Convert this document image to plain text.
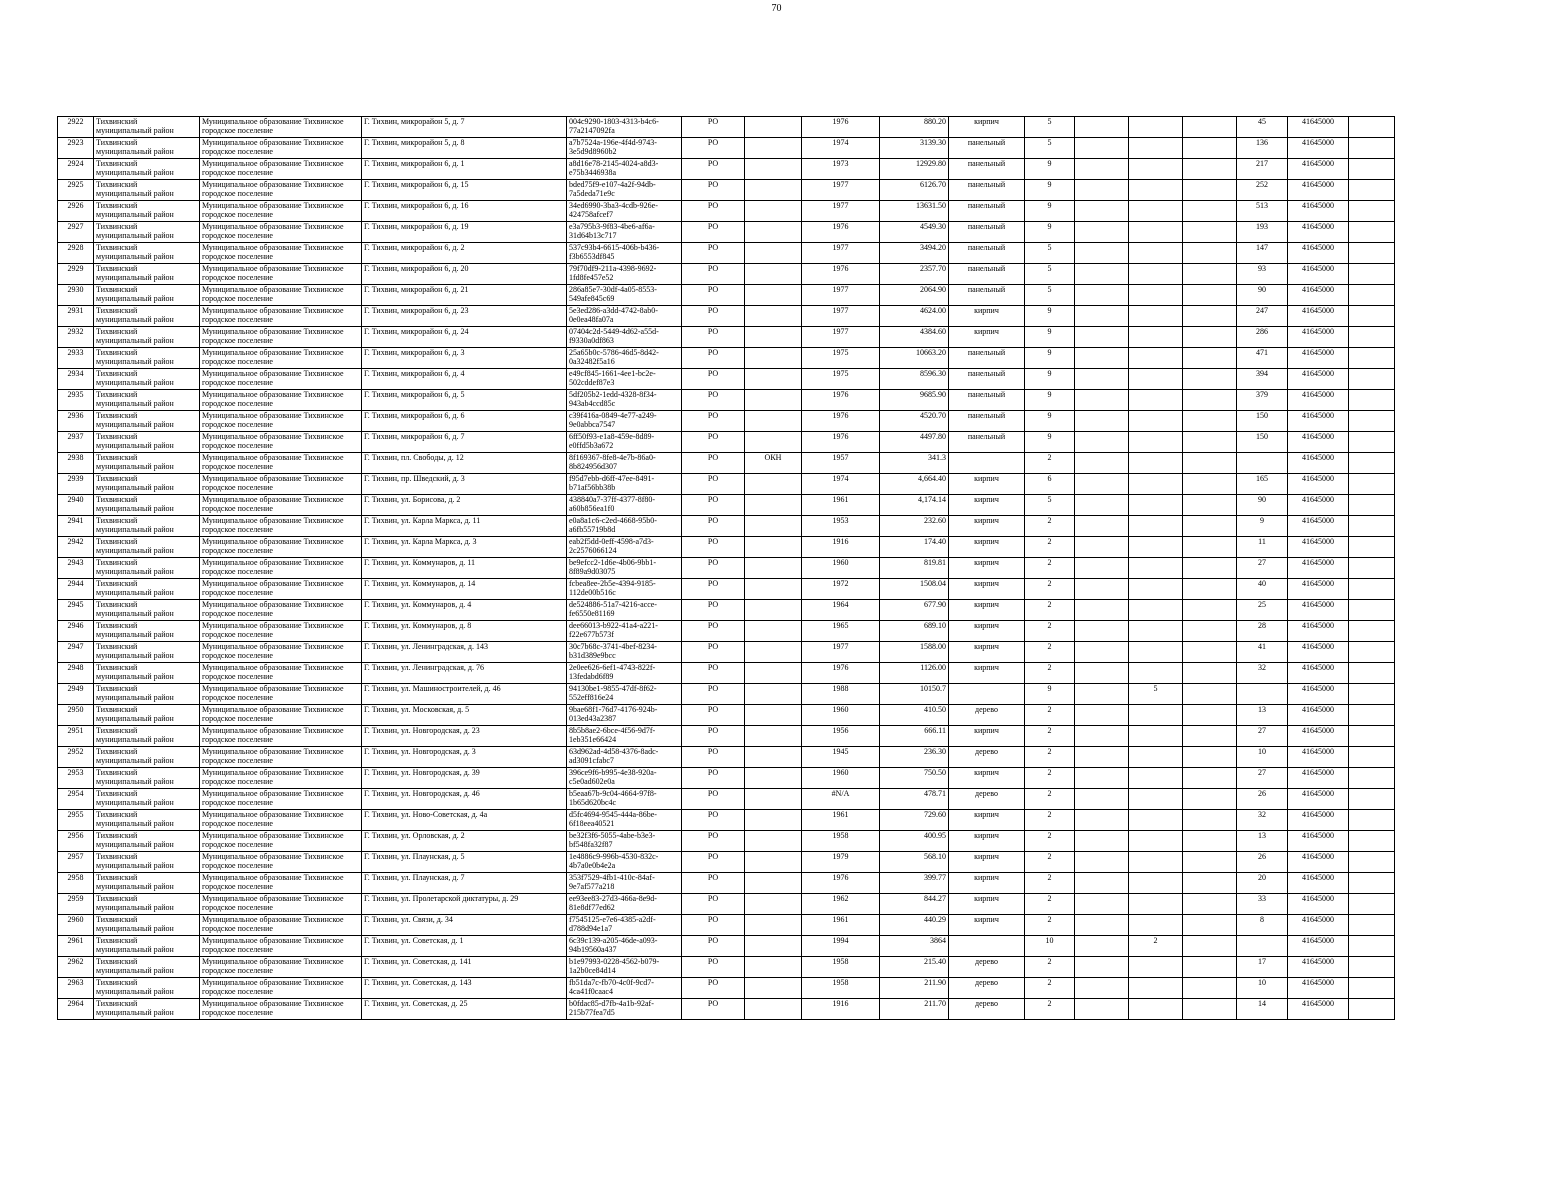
70
2922	Тихвинский
муниципальный район	Муниципальное образование Тихвинское
городское поселение	Г. Тихвин, микрорайон 5, д. 7	004c9290-1803-4313-b4c6-
77a2147092fa	РО		1976	880.20	кирпич	5				45	41645000	
2923	Тихвинский
муниципальный район	Муниципальное образование Тихвинское
городское поселение	Г. Тихвин, микрорайон 5, д. 8	a7b7524a-196e-4f4d-9743-
3e5d9d8960b2	РО		1974	3139.30	панельный	5				136	41645000	
2924	Тихвинский
муниципальный район	Муниципальное образование Тихвинское
городское поселение	Г. Тихвин, микрорайон 6, д. 1	a8d16e78-2145-4024-a8d3-
e75b3446938a	РО		1973	12929.80	панельный	9				217	41645000	
2925	Тихвинский
муниципальный район	Муниципальное образование Тихвинское
городское поселение	Г. Тихвин, микрорайон 6, д. 15	bded75f9-e107-4a2f-94db-
7a5deda71e9c	РО		1977	6126.70	панельный	9				252	41645000	
2926	Тихвинский
муниципальный район	Муниципальное образование Тихвинское
городское поселение	Г. Тихвин, микрорайон 6, д. 16	34ed6990-3ba3-4cdb-926e-
424758afcef7	РО		1977	13631.50	панельный	9				513	41645000	
2927	Тихвинский
муниципальный район	Муниципальное образование Тихвинское
городское поселение	Г. Тихвин, микрорайон 6, д. 19	e3a795b3-9f83-4be6-af6a-
31d64b13c717	РО		1976	4549.30	панельный	9				193	41645000	
2928	Тихвинский
муниципальный район	Муниципальное образование Тихвинское
городское поселение	Г. Тихвин, микрорайон 6, д. 2	537c93b4-6615-406b-b436-
f3b6553df845	РО		1977	3494.20	панельный	5				147	41645000	
2929	Тихвинский
муниципальный район	Муниципальное образование Тихвинское
городское поселение	Г. Тихвин, микрорайон 6, д. 20	79f70df9-211a-4398-9692-
1fd8fe457e52	РО		1976	2357.70	панельный	5				93	41645000	
2930	Тихвинский
муниципальный район	Муниципальное образование Тихвинское
городское поселение	Г. Тихвин, микрорайон 6, д. 21	286a85e7-30df-4a05-8553-
549afe845c69	РО		1977	2064.90	панельный	5				90	41645000	
2931	Тихвинский
муниципальный район	Муниципальное образование Тихвинское
городское поселение	Г. Тихвин, микрорайон 6, д. 23	5e3ed286-a3dd-4742-8ab0-
0e0ea48fa07a	РО		1977	4624.00	кирпич	9				247	41645000	
2932	Тихвинский
муниципальный район	Муниципальное образование Тихвинское
городское поселение	Г. Тихвин, микрорайон 6, д. 24	07404c2d-5449-4d62-a55d-
f9330a0df863	РО		1977	4384.60	кирпич	9				286	41645000	
2933	Тихвинский
муниципальный район	Муниципальное образование Тихвинское
городское поселение	Г. Тихвин, микрорайон 6, д. 3	25a65b0c-5786-46d5-8d42-
0a32482f5a16	РО		1975	10663.20	панельный	9				471	41645000	
2934	Тихвинский
муниципальный район	Муниципальное образование Тихвинское
городское поселение	Г. Тихвин, микрорайон 6, д. 4	e49cf845-1661-4ee1-bc2e-
502cddef87e3	РО		1975	8596.30	панельный	9				394	41645000	
2935	Тихвинский
муниципальный район	Муниципальное образование Тихвинское
городское поселение	Г. Тихвин, микрорайон 6, д. 5	5df205b2-1edd-4328-8f34-
943ab4ccd85c	РО		1976	9685.90	панельный	9				379	41645000	
2936	Тихвинский
муниципальный район	Муниципальное образование Тихвинское
городское поселение	Г. Тихвин, микрорайон 6, д. 6	c39f416a-0849-4e77-a249-
9e0abbca7547	РО		1976	4520.70	панельный	9				150	41645000	
2937	Тихвинский
муниципальный район	Муниципальное образование Тихвинское
городское поселение	Г. Тихвин, микрорайон 6, д. 7	6ff50f93-e1a8-459e-8d89-
e0ffd5b3a672	РО		1976	4497.80	панельный	9				150	41645000	
2938	Тихвинский
муниципальный район	Муниципальное образование Тихвинское
городское поселение	Г. Тихвин, пл. Свободы, д. 12	8f169367-8fe8-4e7b-86a0-
8b824956d307	РО	ОКН	1957	341.3		2					41645000	
2939	Тихвинский
муниципальный район	Муниципальное образование Тихвинское
городское поселение	Г. Тихвин, пр. Шведский, д. 3	f95d7ebb-d6ff-47ee-8491-
b71af56bb38b	РО		1974	4,664.40	кирпич	6				165	41645000	
2940	Тихвинский
муниципальный район	Муниципальное образование Тихвинское
городское поселение	Г. Тихвин, ул. Борисова, д. 2	438840a7-37ff-4377-8f80-
a60b856ea1f0	РО		1961	4,174.14	кирпич	5				90	41645000	
2941	Тихвинский
муниципальный район	Муниципальное образование Тихвинское
городское поселение	Г. Тихвин, ул. Карла Маркса, д. 11	e0a8a1c6-c2ed-4668-95b0-
a6fb55719b8d	РО		1953	232.60	кирпич	2				9	41645000	
2942	Тихвинский
муниципальный район	Муниципальное образование Тихвинское
городское поселение	Г. Тихвин, ул. Карла Маркса, д. 3	eab2f5dd-0eff-4598-a7d3-
2c2576066124	РО		1916	174.40	кирпич	2				11	41645000	
2943	Тихвинский
муниципальный район	Муниципальное образование Тихвинское
городское поселение	Г. Тихвин, ул. Коммунаров, д. 11	be9efcc2-1d6e-4b06-9bb1-
8f89a9d03075	РО		1960	819.81	кирпич	2				27	41645000	
2944	Тихвинский
муниципальный район	Муниципальное образование Тихвинское
городское поселение	Г. Тихвин, ул. Коммунаров, д. 14	fcbea8ee-2b5e-4394-9185-
112de00b516c	РО		1972	1508.04	кирпич	2				40	41645000	
2945	Тихвинский
муниципальный район	Муниципальное образование Тихвинское
городское поселение	Г. Тихвин, ул. Коммунаров, д. 4	de524886-51a7-4216-acce-
fe6550e81169	РО		1964	677.90	кирпич	2				25	41645000	
2946	Тихвинский
муниципальный район	Муниципальное образование Тихвинское
городское поселение	Г. Тихвин, ул. Коммунаров, д. 8	dee66013-b922-41a4-a221-
f22e677b573f	РО		1965	689.10	кирпич	2				28	41645000	
2947	Тихвинский
муниципальный район	Муниципальное образование Тихвинское
городское поселение	Г. Тихвин, ул. Ленинградская, д. 143	30c7b68c-3741-4bef-8234-
b31d389e9bcc	РО		1977	1588.00	кирпич	2				41	41645000	
2948	Тихвинский
муниципальный район	Муниципальное образование Тихвинское
городское поселение	Г. Тихвин, ул. Ленинградская, д. 76	2e0ee626-6ef1-4743-822f-
13fedabd6f89	РО		1976	1126.00	кирпич	2				32	41645000	
2949	Тихвинский
муниципальный район	Муниципальное образование Тихвинское
городское поселение	Г. Тихвин, ул. Машиностроителей, д. 46	94130be1-9855-47df-8f62-
552eff816e24	РО		1988	10150.7		9		5			41645000	
2950	Тихвинский
муниципальный район	Муниципальное образование Тихвинское
городское поселение	Г. Тихвин, ул. Московская, д. 5	9bae68f1-76d7-4176-924b-
013ed43a2387	РО		1960	410.50	дерево	2				13	41645000	
2951	Тихвинский
муниципальный район	Муниципальное образование Тихвинское
городское поселение	Г. Тихвин, ул. Новгородская, д. 23	8b5b8ae2-6bce-4f56-9d7f-
1eb351e66424	РО		1956	666.11	кирпич	2				27	41645000	
2952	Тихвинский
муниципальный район	Муниципальное образование Тихвинское
городское поселение	Г. Тихвин, ул. Новгородская, д. 3	63d962ad-4d58-4376-8adc-
ad3091cfabc7	РО		1945	236.30	дерево	2				10	41645000	
2953	Тихвинский
муниципальный район	Муниципальное образование Тихвинское
городское поселение	Г. Тихвин, ул. Новгородская, д. 39	396ce9f6-b995-4e38-920a-
c5e0ad602e0a	РО		1960	750.50	кирпич	2				27	41645000	
2954	Тихвинский
муниципальный район	Муниципальное образование Тихвинское
городское поселение	Г. Тихвин, ул. Новгородская, д. 46	b5eaa67b-9c04-4664-97f8-
1b65d620bc4c	РО		#N/A	478.71	дерево	2				26	41645000	
2955	Тихвинский
муниципальный район	Муниципальное образование Тихвинское
городское поселение	Г. Тихвин, ул. Ново-Советская, д. 4а	d5fc4694-9545-444a-86be-
6f18eea40521	РО		1961	729.60	кирпич	2				32	41645000	
2956	Тихвинский
муниципальный район	Муниципальное образование Тихвинское
городское поселение	Г. Тихвин, ул. Орловская, д. 2	be32f3f6-5055-4abe-b3e3-
bf548fa32f87	РО		1958	400.95	кирпич	2				13	41645000	
2957	Тихвинский
муниципальный район	Муниципальное образование Тихвинское
городское поселение	Г. Тихвин, ул. Плаунская, д. 5	1e4886c9-996b-4530-832c-
4b7a0e0b4e2a	РО		1979	568.10	кирпич	2				26	41645000	
2958	Тихвинский
муниципальный район	Муниципальное образование Тихвинское
городское поселение	Г. Тихвин, ул. Плаунская, д. 7	353f7529-4fb1-410c-84af-
9e7af577a218	РО		1976	399.77	кирпич	2				20	41645000	
2959	Тихвинский
муниципальный район	Муниципальное образование Тихвинское
городское поселение	Г. Тихвин, ул. Пролетарской диктатуры, д. 29	ee93ee83-27d3-466a-8e9d-
81e8df77ed62	РО		1962	844.27	кирпич	2				33	41645000	
2960	Тихвинский
муниципальный район	Муниципальное образование Тихвинское
городское поселение	Г. Тихвин, ул. Связи, д. 34	f7545125-e7e6-4385-a2df-
d788d94e1a7	РО		1961	440.29	кирпич	2				8	41645000	
2961	Тихвинский
муниципальный район	Муниципальное образование Тихвинское
городское поселение	Г. Тихвин, ул. Советская, д. 1	6c39c139-a205-46de-a093-
94b19560a437	РО		1994	3864		10		2			41645000	
2962	Тихвинский
муниципальный район	Муниципальное образование Тихвинское
городское поселение	Г. Тихвин, ул. Советская, д. 141	b1e97993-0228-4562-b079-
1a2b0ce84d14	РО		1958	215.40	дерево	2				17	41645000	
2963	Тихвинский
муниципальный район	Муниципальное образование Тихвинское
городское поселение	Г. Тихвин, ул. Советская, д. 143	fb51da7c-fb70-4c0f-9cd7-
4ca41f0caac4	РО		1958	211.90	дерево	2				10	41645000	
2964	Тихвинский
муниципальный район	Муниципальное образование Тихвинское
городское поселение	Г. Тихвин, ул. Советская, д. 25	b0fdac85-d7fb-4a1b-92af-
215b77fea7d5	РО		1916	211.70	дерево	2				14	41645000	
